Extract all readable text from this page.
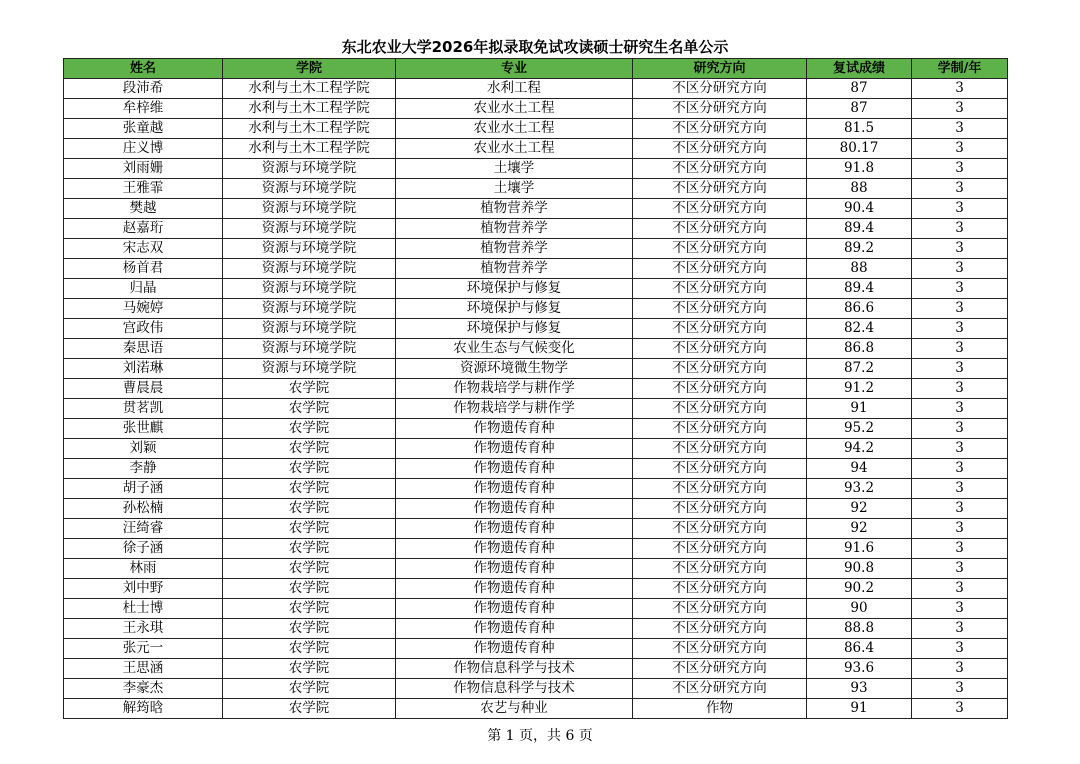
东北农业大学2026年拟录取免试攻读硕士研究生名单公示
姓名	学院	专业	研究方向	复试成绩	学制/年
段沛希	水利与土木工程学院	水利工程	不区分研究方向	87	3
牟梓维	水利与土木工程学院	农业水土工程	不区分研究方向	87	3
张童越	水利与土木工程学院	农业水土工程	不区分研究方向	81.5	3
庄义博	水利与土木工程学院	农业水土工程	不区分研究方向	80.17	3
刘雨姗	资源与环境学院	土壤学	不区分研究方向	91.8	3
王雅霏	资源与环境学院	土壤学	不区分研究方向	88	3
樊越	资源与环境学院	植物营养学	不区分研究方向	90.4	3
赵嘉珩	资源与环境学院	植物营养学	不区分研究方向	89.4	3
宋志双	资源与环境学院	植物营养学	不区分研究方向	89.2	3
杨首君	资源与环境学院	植物营养学	不区分研究方向	88	3
归晶	资源与环境学院	环境保护与修复	不区分研究方向	89.4	3
马婉婷	资源与环境学院	环境保护与修复	不区分研究方向	86.6	3
宫政伟	资源与环境学院	环境保护与修复	不区分研究方向	82.4	3
秦思语	资源与环境学院	农业生态与气候变化	不区分研究方向	86.8	3
刘渃琳	资源与环境学院	资源环境微生物学	不区分研究方向	87.2	3
曹晨晨	农学院	作物栽培学与耕作学	不区分研究方向	91.2	3
贯茗凯	农学院	作物栽培学与耕作学	不区分研究方向	91	3
张世麒	农学院	作物遗传育种	不区分研究方向	95.2	3
刘颖	农学院	作物遗传育种	不区分研究方向	94.2	3
李静	农学院	作物遗传育种	不区分研究方向	94	3
胡子涵	农学院	作物遗传育种	不区分研究方向	93.2	3
孙松楠	农学院	作物遗传育种	不区分研究方向	92	3
汪绮睿	农学院	作物遗传育种	不区分研究方向	92	3
徐子涵	农学院	作物遗传育种	不区分研究方向	91.6	3
林雨	农学院	作物遗传育种	不区分研究方向	90.8	3
刘中野	农学院	作物遗传育种	不区分研究方向	90.2	3
杜士博	农学院	作物遗传育种	不区分研究方向	90	3
王永琪	农学院	作物遗传育种	不区分研究方向	88.8	3
张元一	农学院	作物遗传育种	不区分研究方向	86.4	3
王思涵	农学院	作物信息科学与技术	不区分研究方向	93.6	3
李豪杰	农学院	作物信息科学与技术	不区分研究方向	93	3
解筠晗	农学院	农艺与种业	作物	91	3
第 1 页，共 6 页
